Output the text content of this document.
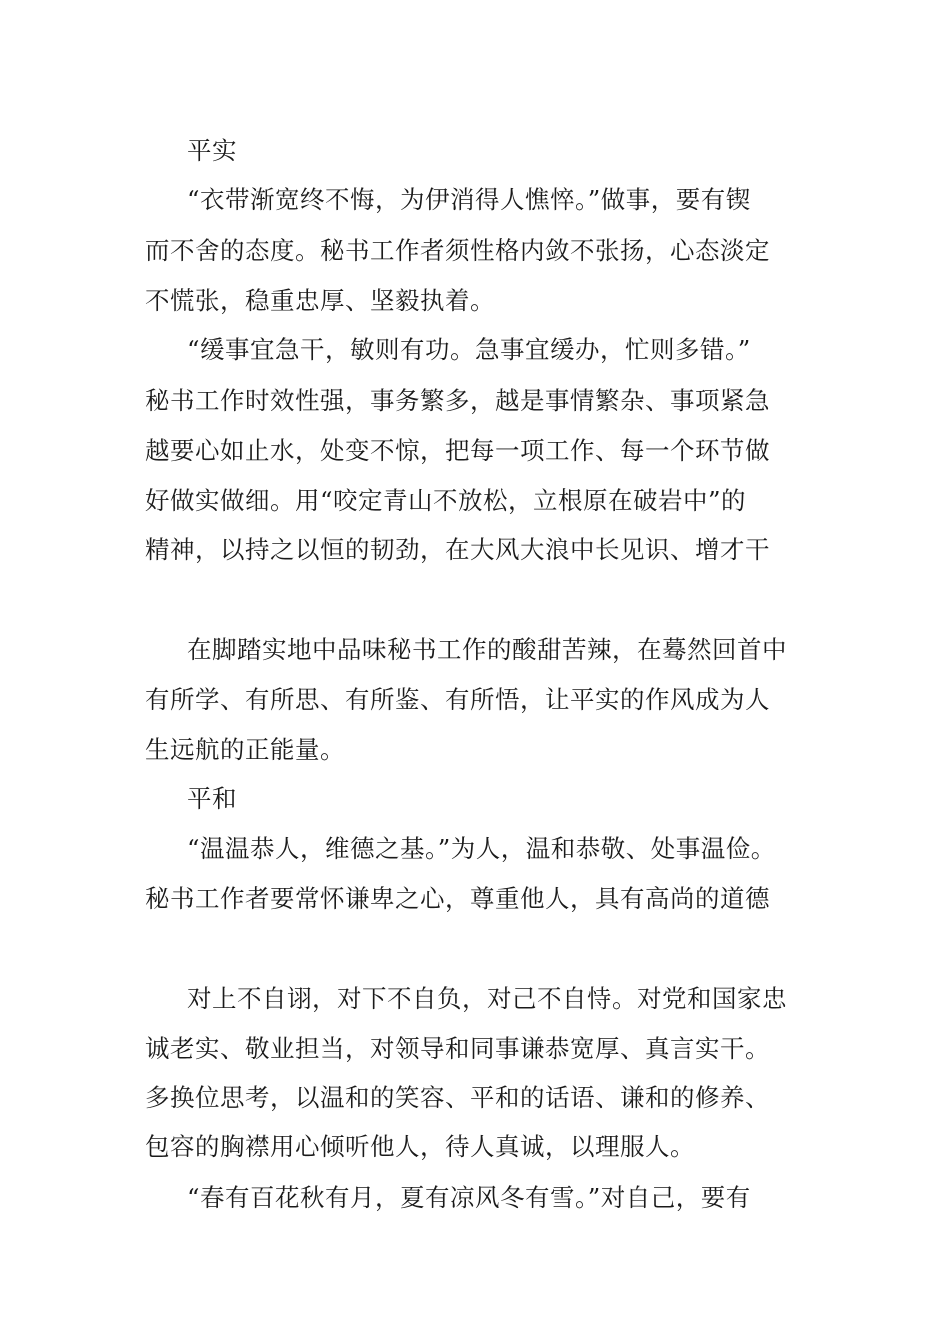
平实
“衣带渐宽终不悔，为伊消得人憔悴。”做事，要有锲
而不舍的态度。秘书工作者须性格内敛不张扬，心态淡定
不慌张，稳重忠厚、坚毅执着。
“缓事宜急干，敏则有功。急事宜缓办，忙则多错。”
秘书工作时效性强，事务繁多，越是事情繁杂、事项紧急
越要心如止水，处变不惊，把每一项工作、每一个环节做
好做实做细。用“咬定青山不放松，立根原在破岩中”的
精神，以持之以恒的韧劲，在大风大浪中长见识、增才干
在脚踏实地中品味秘书工作的酸甜苦辣，在蓦然回首中
有所学、有所思、有所鉴、有所悟，让平实的作风成为人
生远航的正能量。
平和
“温温恭人，维德之基。”为人，温和恭敬、处事温俭。
秘书工作者要常怀谦卑之心，尊重他人，具有高尚的道德
对上不自诩，对下不自负，对己不自恃。对党和国家忠
诚老实、敬业担当，对领导和同事谦恭宽厚、真言实干。
多换位思考，以温和的笑容、平和的话语、谦和的修养、
包容的胸襟用心倾听他人，待人真诚，以理服人。
“春有百花秋有月，夏有凉风冬有雪。”对自己，要有
